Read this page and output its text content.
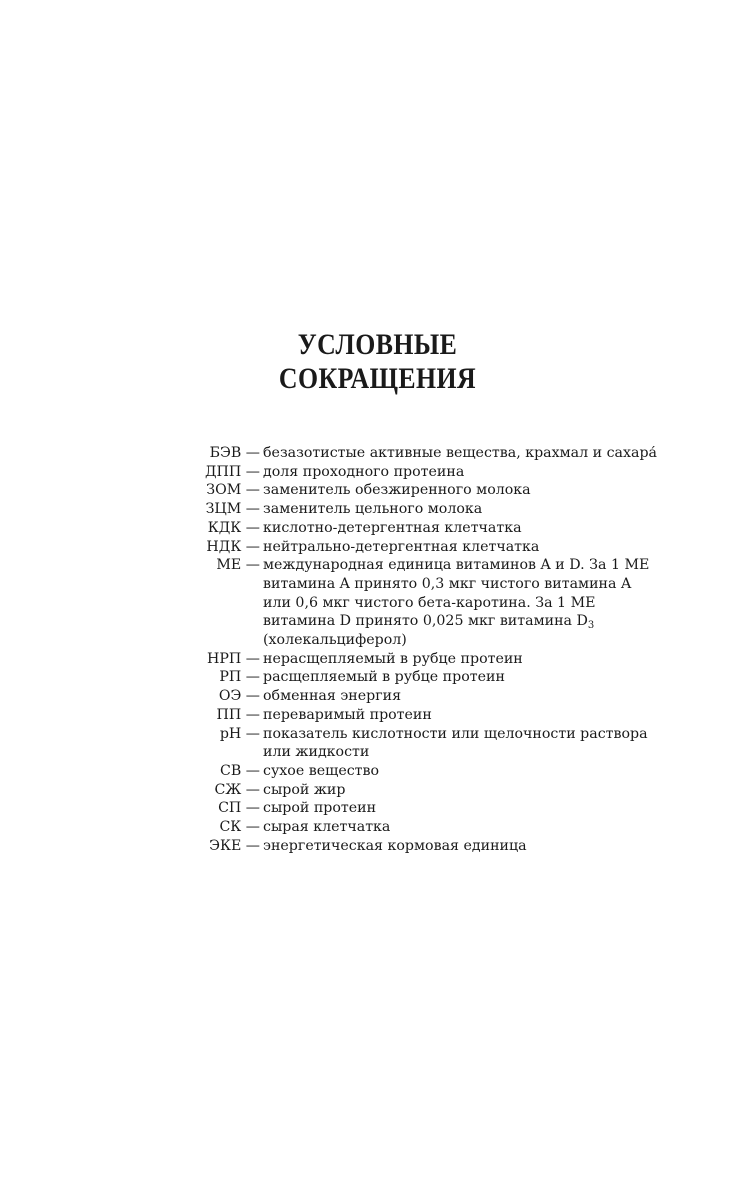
УСЛОВНЫЕ
СОКРАЩЕНИЯ
БЭВ — безазотистые активные вещества, крахмал и сахара́
ДПП — доля проходного протеина
ЗОМ — заменитель обезжиренного молока
ЗЦМ — заменитель цельного молока
КДК — кислотно-детергентная клетчатка
НДК — нейтрально-детергентная клетчатка
МЕ — международная единица витаминов A и D. За 1 МЕ
витамина A принято 0,3 мкг чистого витамина A
или 0,6 мкг чистого бета-каротина. За 1 МЕ
витамина D принято 0,025 мкг витамина $D_3$
(холекальциферол)
НРП — нерасщепляемый в рубце протеин
РП — расщепляемый в рубце протеин
ОЭ — обменная энергия
ПП — переваримый протеин
pH — показатель кислотности или щелочности раствора
или жидкости
СВ — сухое вещество
СЖ — сырой жир
СП — сырой протеин
СК — сырая клетчатка
ЭКЕ — энергетическая кормовая единица
